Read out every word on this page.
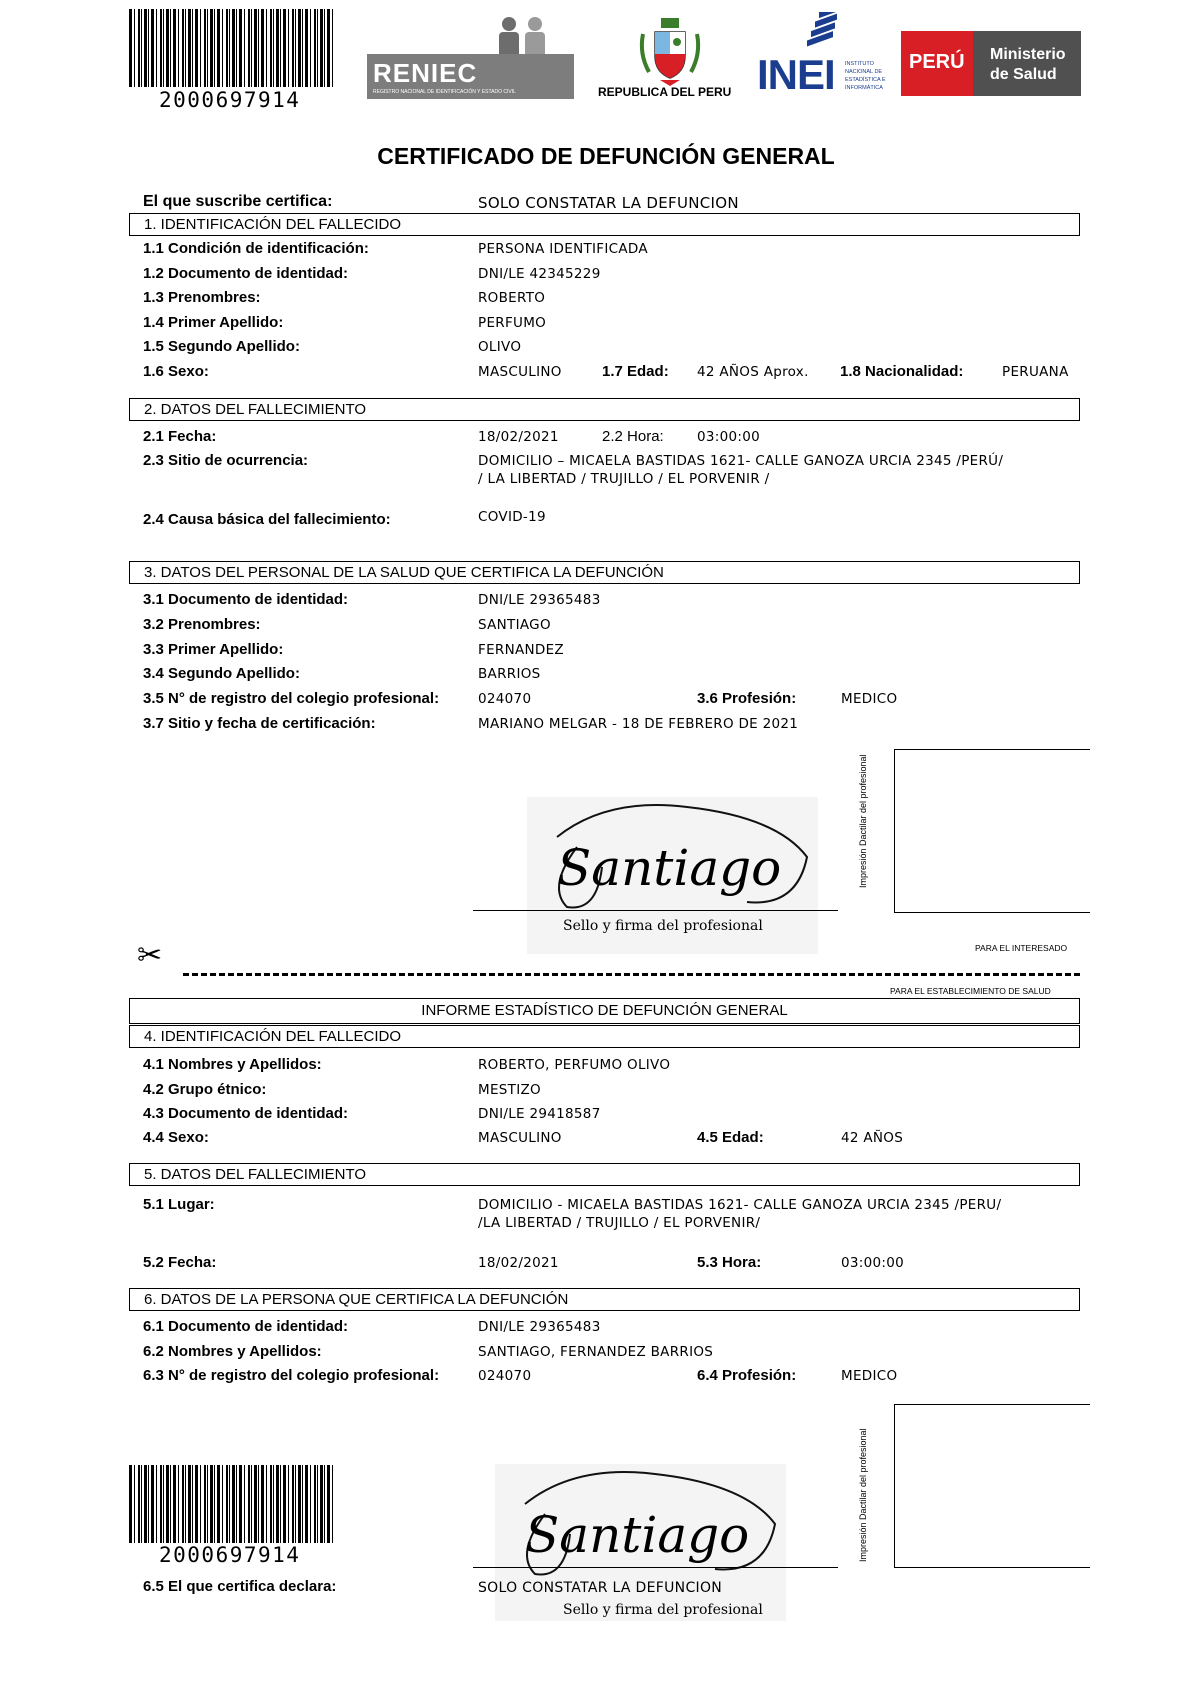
2000697914
RENIEC
REGISTRO NACIONAL DE IDENTIFICACIÓN Y ESTADO CIVIL	REPUBLICA DEL PERU INEI INSTITUTO NACIONAL DE ESTADÍSTICA E INFORMÁTICA
PERÚ Ministerio
de Salud
CERTIFICADO DE DEFUNCIÓN GENERAL
El que suscribe certifica:	SOLO CONSTATAR LA DEFUNCION
1. IDENTIFICACIÓN DEL FALLECIDO
1.1 Condición de identificación:	PERSONA IDENTIFICADA
1.2 Documento de identidad:	DNI/LE 42345229
1.3 Prenombres:	ROBERTO
1.4 Primer Apellido:	PERFUMO
1.5 Segundo Apellido:	OLIVO
1.6 Sexo:	MASCULINO	1.7 Edad: 42 AÑOS Aprox. 1.8 Nacionalidad:	PERUANA
2. DATOS DEL FALLECIMIENTO
2.1 Fecha:	18/02/2021	2.2 Hora: 03:00:00
2.3 Sitio de ocurrencia:	DOMICILIO – MICAELA BASTIDAS 1621- CALLE GANOZA URCIA 2345 /PERÚ/
/ LA LIBERTAD / TRUJILLO / EL PORVENIR /
2.4 Causa básica del fallecimiento:	COVID-19
3. DATOS DEL PERSONAL DE LA SALUD QUE CERTIFICA LA DEFUNCIÓN
3.1 Documento de identidad:	DNI/LE 29365483
3.2 Prenombres:	SANTIAGO
3.3 Primer Apellido:	FERNANDEZ
3.4 Segundo Apellido:	BARRIOS
3.5 N° de registro del colegio profesional:	024070	3.6 Profesión:	MEDICO
3.7 Sitio y fecha de certificación:	MARIANO MELGAR - 18 DE FEBRERO DE 2021
Santiago
Sello y firma del profesional
Impresión Dactilar del profesional
✂	PARA EL INTERESADO
PARA EL ESTABLECIMIENTO DE SALUD
INFORME ESTADÍSTICO DE DEFUNCIÓN GENERAL
4. IDENTIFICACIÓN DEL FALLECIDO
4.1 Nombres y Apellidos:	ROBERTO, PERFUMO OLIVO
4.2 Grupo étnico:	MESTIZO
4.3 Documento de identidad:	DNI/LE 29418587
4.4 Sexo:	MASCULINO	4.5 Edad:	42 AÑOS
5. DATOS DEL FALLECIMIENTO
5.1 Lugar:	DOMICILIO - MICAELA BASTIDAS 1621- CALLE GANOZA URCIA 2345 /PERU/
/LA LIBERTAD / TRUJILLO / EL PORVENIR/
5.2 Fecha:	18/02/2021	5.3 Hora:	03:00:00
6. DATOS DE LA PERSONA QUE CERTIFICA LA DEFUNCIÓN
6.1 Documento de identidad:	DNI/LE 29365483
6.2 Nombres y Apellidos:	SANTIAGO, FERNANDEZ BARRIOS
6.3 N° de registro del colegio profesional:	024070	6.4 Profesión:	MEDICO
2000697914	Santiago
6.5 El que certifica declara:	SOLO CONSTATAR LA DEFUNCION
Sello y firma del profesional
Impresión Dactilar del profesional
